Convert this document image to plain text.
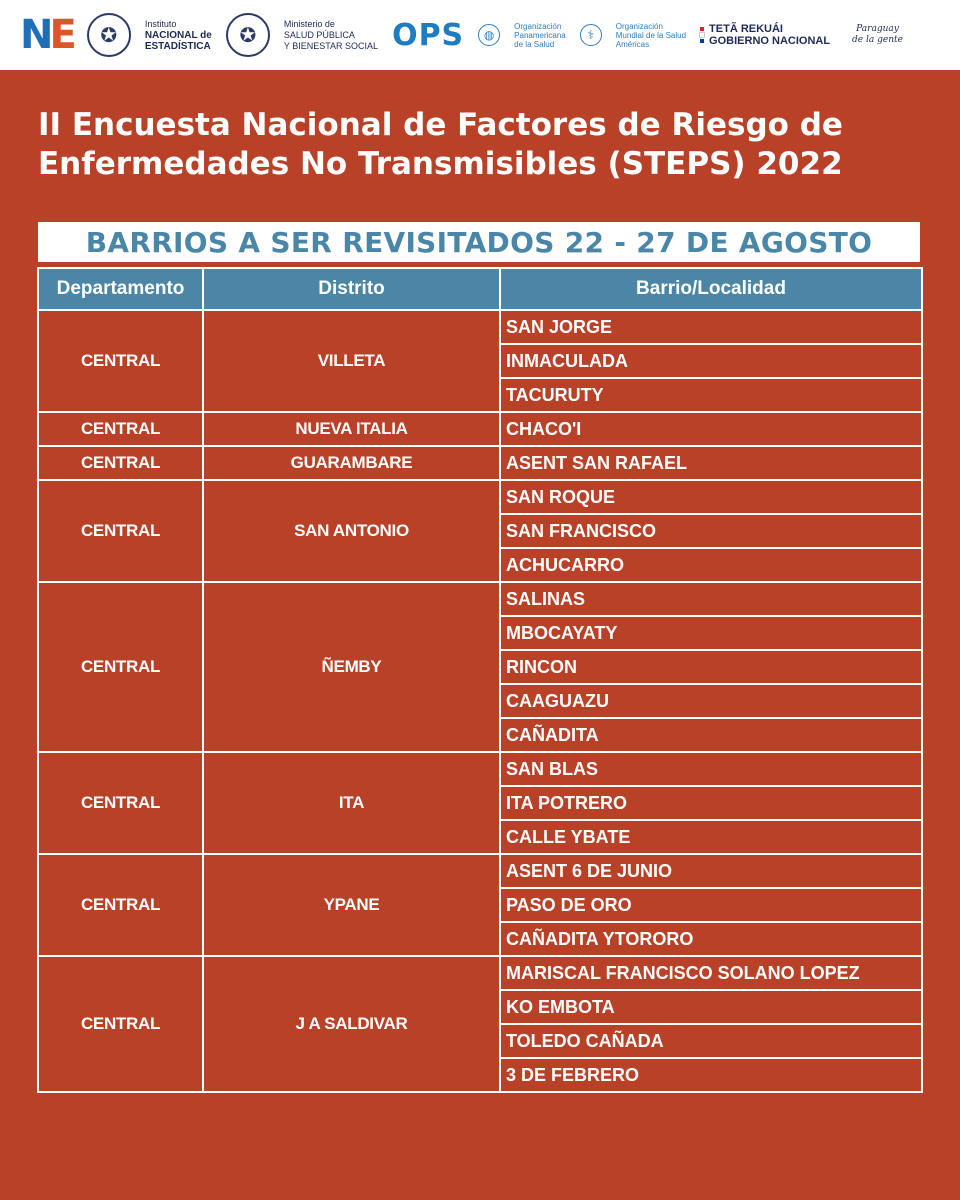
N E	✪	Instituto
NACIONAL de
ESTADÍSTICA	✪	Ministerio de
SALUD PÚBLICA
Y BIENESTAR SOCIAL OPS	◍
Organización
Panamericana
de la Salud
⚕
Organización
Mundial de la Salud
Américas
TETÃ REKUÁI
GOBIERNO NACIONAL
Paraguay
de la gente
II Encuesta Nacional de Factores de Riesgo de
Enfermedades No Transmisibles (STEPS) 2022
BARRIOS A SER REVISITADOS 22 - 27 DE AGOSTO
Departamento	Distrito	Barrio/Localidad
CENTRAL	VILLETA	SAN JORGE
		INMACULADA
		TACURUTY
CENTRAL	NUEVA ITALIA	CHACO'I
CENTRAL	GUARAMBARE	ASENT SAN RAFAEL
CENTRAL	SAN ANTONIO	SAN ROQUE
		SAN FRANCISCO
		ACHUCARRO
CENTRAL	ÑEMBY	SALINAS
		MBOCAYATY
		RINCON
		CAAGUAZU
		CAÑADITA
CENTRAL	ITA	SAN BLAS
		ITA POTRERO
		CALLE YBATE
CENTRAL	YPANE	ASENT 6 DE JUNIO
		PASO DE ORO
		CAÑADITA YTORORO
CENTRAL	J A SALDIVAR	MARISCAL FRANCISCO SOLANO LOPEZ
		KO EMBOTA
		TOLEDO CAÑADA
		3 DE FEBRERO
